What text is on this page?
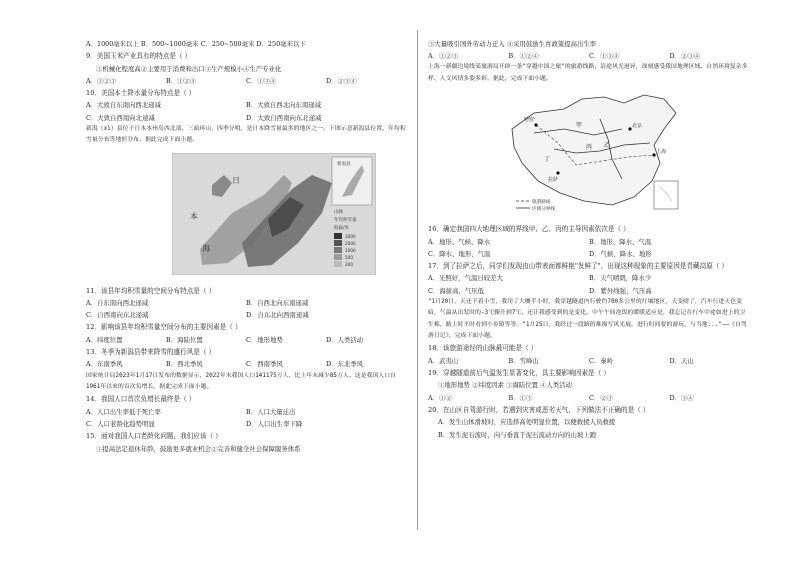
A．1000毫米以上 B．500~1000毫米 C．250~500毫米 D．250毫米以下
9．美国玉米产业具有的特点是（ ）
①机械化程度高②主要用于消费和出口③生产规模小④生产专业化
A．①②③	B．①②④	C．①③④	D．②③④
10．美国本土降水量分布特点是（ ）
A．大致自东南向西北递减	B．大致自西北向东南递减
C．大致自西南向北递减	D．大致自西南向东北递减
新潟（xì）县位于日本本州岛西北部，三面环山，四季分明，是日本降雪量最多的地区之一。下图示意新潟县位置、年均积雪量分布等地形分布。据此完成下面小题。
日
本
海
新潟县
山脉
年均积雪量
海拔/米
3000
2000
1000
500
200
11．该县年均积雪量的空间分布特点是（ ）
A．自东南向西北递减	B．自西北向东南递减
C．自西南向东北递减	D．自东北向西南递减
12．影响该县年均积雪量空间分布的主要因素是（ ）
A．纬度位置	B．海陆位置	C．地形地势	D．人类活动
13．冬季为新潟县带来降雪的盛行风是（ ）
A．东南季风	B．西北季风	C．西南季风	D．东北季风
国家统计局2023年1月17日发布的数据显示，2022年末我国人口141175万人，比上年末减少85万人。这是我国人口自1961年以来的首次负增长。据此完成下面小题。
14．我国人口首次负增长最终是（ ）
A．人口出生率低于死亡率	B．人口大量迁出
C．人口老龄化趋势明显	D．人口出生率下降
15．面对我国人口老龄化问题，我们应该（ ）
①提高法定退休年龄，鼓励更多就业机会②完善和健全社会保障服务体系
③大量吸引国外劳动力迁入 ④采用鼓励生育政策提高出生率
A．①②③	B．①②④	C．①③④	D．②③④
上海一新疆边境线某旅游局开辟一条"穿越中国之旅"的旅游线路，沿途风光迥异，深刻感受我国地理区域、自然环境复杂多样、人文风情多姿多彩。据此，完成下面小题。
哈密
拉萨
上海
北京
甲
乙
丙
丁
旅游路线
区域分界线
16．确定我国四大地理区域的界线甲、乙、丙的主导因素依次是（ ）
A．地形、气候、降水	B．地形、降水、气温
C．降水、地形、气温	D．气候、降水、地形
17．到了拉萨之后，同学们发现由山带表面都鲜艳"发鲜了"，出现这种现象的主要原因是青藏高原（ ）
A．光照好，气温日较差大	B．天气晴朗，降水少
C．海拔高，气压低	D．紫外线强，气压高
"1月20日，天还下着小雪，我用了大概半小时，我穿越隧道内行驶约700多公里的红壤地区，天变晴了，汽车行进天色变暗，气温从出发时的-3℃骤升到7℃，还让我感受到的是变化。中午午间泡饭的暖暖适应是，我忘记在行车中途如进上的卫生棉，路上时不时看到小乡镇等等。"1月25日，我经过一段路的难描写风光展，进行时间要的游玩，与当地..."——《自驾游日记》，完成下面小题。
18．该旅游途经的山脉最可能是（ ）
A．武夷山	B．雪峰山	C．秦岭	D．天山
19．穿越隧道前后气温发生显著变化，具主要影响因素是（ ）
①地形地势 ②纬度因素 ③海陆位置 ④人类活动
A．①②	B．①③	C．②③	D．③④
20．在山区自驾游行时，若遇到灾害或恶劣天气，下列做法不正确的是（ ）
A．发生山体滑坡时，应选择高处明显位置，以便救援人员救援
B．发生泥石流时，向与垂直于泥石流动方向的山坡上跑
